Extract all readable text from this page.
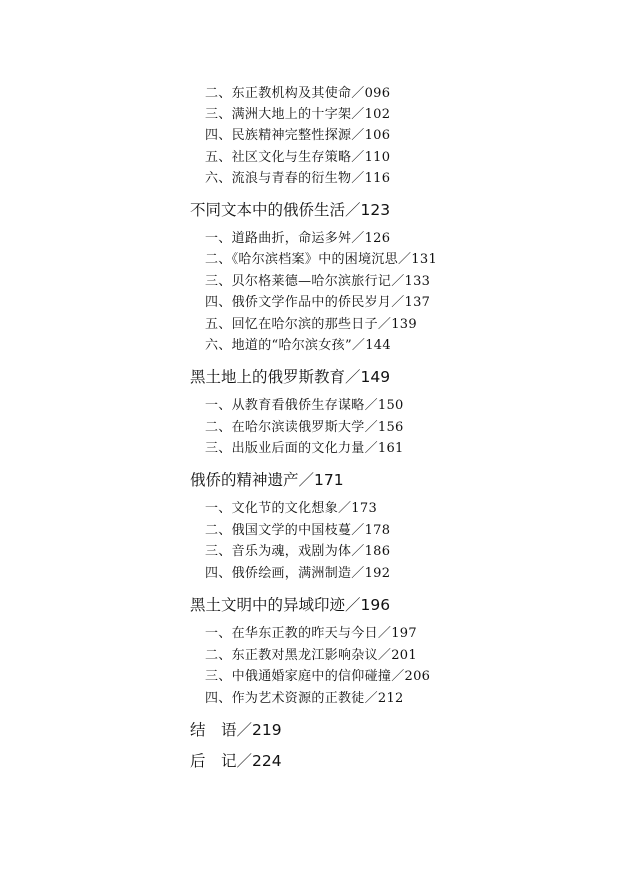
二、东正教机构及其使命／096
三、满洲大地上的十字架／102
四、民族精神完整性探源／106
五、社区文化与生存策略／110
六、流浪与青春的衍生物／116
不同文本中的俄侨生活／123
一、道路曲折，命运多舛／126
二、《哈尔滨档案》中的困境沉思／131
三、贝尔格莱德—哈尔滨旅行记／133
四、俄侨文学作品中的侨民岁月／137
五、回忆在哈尔滨的那些日子／139
六、地道的“哈尔滨女孩”／144
黑土地上的俄罗斯教育／149
一、从教育看俄侨生存谋略／150
二、在哈尔滨读俄罗斯大学／156
三、出版业后面的文化力量／161
俄侨的精神遗产／171
一、文化节的文化想象／173
二、俄国文学的中国枝蔓／178
三、音乐为魂，戏剧为体／186
四、俄侨绘画，满洲制造／192
黑土文明中的异域印迹／196
一、在华东正教的昨天与今日／197
二、东正教对黑龙江影响杂议／201
三、中俄通婚家庭中的信仰碰撞／206
四、作为艺术资源的正教徒／212
结　语／219
后　记／224
